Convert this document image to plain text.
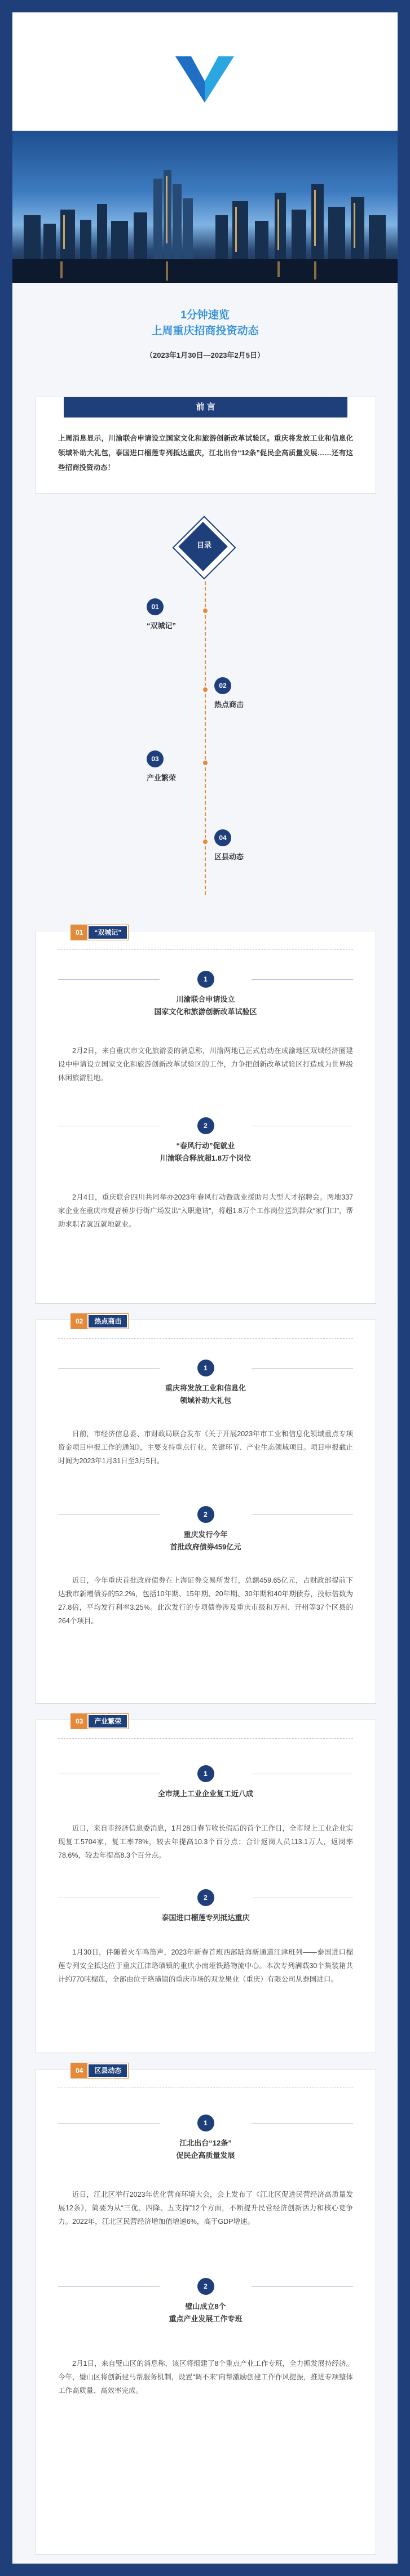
1分钟速览
上周重庆招商投资动态
（2023年1月30日—2023年2月5日）
前 言
上周消息显示，川渝联合申请设立国家文化和旅游创新改革试验区。重庆将发放工业和信息化领域补助大礼包，泰国进口榴莲专列抵达重庆，江北出台“12条”促民企高质量发展……还有这些招商投资动态！
目录
01
“双城记”
02
热点商击
03
产业繁荣
04
区县动态
01	“双城记”
1
川渝联合申请设立
国家文化和旅游创新改革试验区
2月2日，来自重庆市文化旅游委的消息称，川渝两地已正式启动在成渝地区双城经济圈建设中申请设立国家文化和旅游创新改革试验区的工作，力争把创新改革试验区打造成为世界级休闲旅游胜地。
2
“春风行动”促就业
川渝联合释放超1.8万个岗位
2月4日，重庆联合四川共同举办2023年春风行动暨就业援助月大型人才招聘会。两地337家企业在重庆市观音桥步行街广场发出“入职邀请”，将超1.8万个工作岗位送到群众“家门口”，帮助求职者就近就地就业。
02	热点商击
1
重庆将发放工业和信息化
领域补助大礼包
日前，市经济信息委、市财政局联合发布《关于开展2023年市工业和信息化领域重点专项资金项目申报工作的通知》，主要支持重点行业、关键环节、产业生态领域项目。项目申报截止时间为2023年1月31日至3月5日。
2
重庆发行今年
首批政府债券459亿元
近日，今年重庆首批政府债券在上海证券交易所发行，总额459.65亿元，占财政部提前下达我市新增债券的52.2%，包括10年期、15年期、20年期、30年期和40年期债券，投标倍数为27.8倍，平均发行利率3.25%。此次发行的专项债券涉及重庆市级和万州、开州等37个区县的264个项目。
03	产业繁荣
1
全市规上工业企业复工近八成
近日，来自市经济信息委消息，1月28日春节收长假后的首个工作日，全市规上工业企业实现复工5704家，复工率78%，较去年提高10.3个百分点；合计返岗人员113.1万人，返岗率78.6%，较去年提高8.3个百分点。
2
泰国进口榴莲专列抵达重庆
1月30日，伴随着火车鸣笛声，2023年新春首班西部陆海新通道江津班列——泰国进口榴莲专列安全抵达位于重庆江津珞璜镇的重庆小南垭铁路物流中心。本次专列满载30个集装箱共计约770吨榴莲，全部由位于珞璜镇的重庆市场的双龙果业（重庆）有限公司从泰国进口。
04	区县动态
1
江北出台“12条”
促民企高质量发展
近日，江北区举行2023年优化营商环境大会，会上发布了《江北区促进民营经济高质量发展12条》，简要为从“三优、四降、五支持”12个方面，不断提升民营经济创新活力和核心竞争力。2022年，江北区民营经济增加值增速6%，高于GDP增速。
2
璧山成立8个
重点产业发展工作专班
2月1日，来自璧山区的消息称，该区将组建了8个重点产业工作专班，全力抓发展持经济。今年，璧山区将创新建马帮服务机制，设置“调不来”向帮激励创建工作作风提振，推进专项整体工作高质量、高效率完成。
